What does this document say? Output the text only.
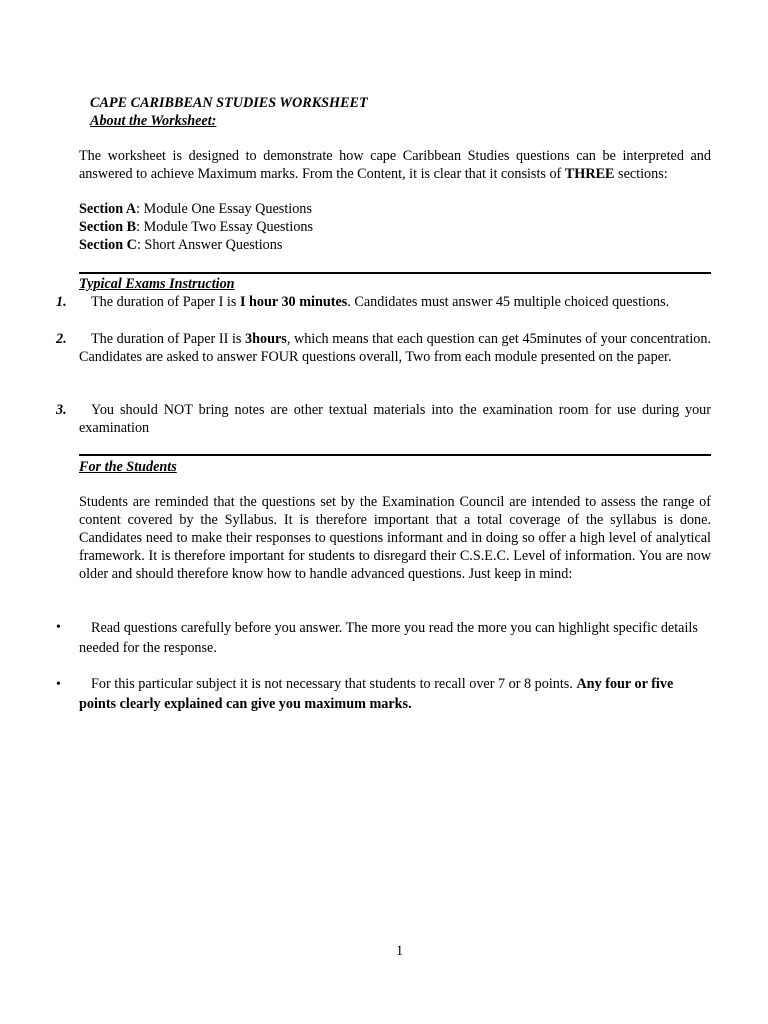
CAPE CARIBBEAN STUDIES WORKSHEET
About the Worksheet:
The worksheet is designed to demonstrate how cape Caribbean Studies questions can be interpreted and answered to achieve Maximum marks. From the Content, it is clear that it consists of THREE sections:
Section A: Module One Essay Questions
Section B: Module Two Essay Questions
Section C: Short Answer Questions
Typical Exams Instruction
1.	The duration of Paper I is I hour 30 minutes. Candidates must answer 45 multiple choiced questions.
2.	The duration of Paper II is 3hours, which means that each question can get 45minutes of your concentration. Candidates are asked to answer FOUR questions overall, Two from each module presented on the paper.
3.	You should NOT bring notes are other textual materials into the examination room for use during your examination
For the Students
Students are reminded that the questions set by the Examination Council are intended to assess the range of content covered by the Syllabus. It is therefore important that a total coverage of the syllabus is done. Candidates need to make their responses to questions informant and in doing so offer a high level of analytical framework. It is therefore important for students to disregard their C.S.E.C. Level of information. You are now older and should therefore know how to handle advanced questions. Just keep in mind:
•	Read questions carefully before you answer. The more you read the more you can highlight specific details needed for the response.
•	For this particular subject it is not necessary that students to recall over 7 or 8 points. Any four or five points clearly explained can give you maximum marks.
1
